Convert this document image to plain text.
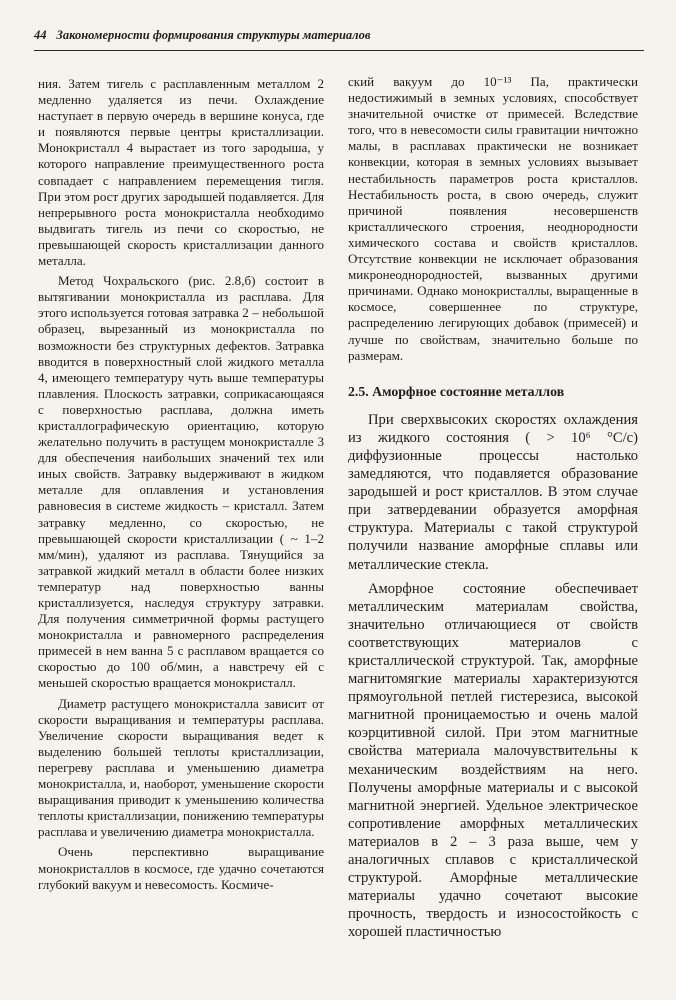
44 Закономерности формирования структуры материалов

ния. Затем тигель с расплавленным металлом 2 медленно удаляется из печи. Охлаждение наступает в первую очередь в вершине конуса, где и появляются первые центры кристаллизации. Монокристалл 4 вырастает из того зародыша, у которого направление преимущественного роста совпадает с направлением перемещения тигля. При этом рост других зародышей подавляется. Для непрерывного роста монокристалла необходимо выдвигать тигель из печи со скоростью, не превышающей скорость кристаллизации данного металла.

Метод Чохральского (рис. 2.8,б) состоит в вытягивании монокристалла из расплава. Для этого используется готовая затравка 2 – небольшой образец, вырезанный из монокристалла по возможности без структурных дефектов. Затравка вводится в поверхностный слой жидкого металла 4, имеющего температуру чуть выше температуры плавления. Плоскость затравки, соприкасающаяся с поверхностью расплава, должна иметь кристаллографическую ориентацию, которую желательно получить в растущем монокристалле 3 для обеспечения наибольших значений тех или иных свойств. Затравку выдерживают в жидком металле для оплавления и установления равновесия в системе жидкость – кристалл. Затем затравку медленно, со скоростью, не превышающей скорости кристаллизации ( ~ 1–2 мм/мин), удаляют из расплава. Тянущийся за затравкой жидкий металл в области более низких температур над поверхностью ванны кристаллизуется, наследуя структуру затравки. Для получения симметричной формы растущего монокристалла и равномерного распределения примесей в нем ванна 5 с расплавом вращается со скоростью до 100 об/мин, а навстречу ей с меньшей скоростью вращается монокристалл.

Диаметр растущего монокристалла зависит от скорости выращивания и температуры расплава. Увеличение скорости выращивания ведет к выделению большей теплоты кристаллизации, перегреву расплава и уменьшению диаметра монокристалла, и, наоборот, уменьшение скорости выращивания приводит к уменьшению количества теплоты кристаллизации, понижению температуры расплава и увеличению диаметра монокристалла.

Очень перспективно выращивание монокристаллов в космосе, где удачно сочетаются глубокий вакуум и невесомость. Космиче-

ский вакуум до 10⁻¹³ Па, практически недостижимый в земных условиях, способствует значительной очистке от примесей. Вследствие того, что в невесомости силы гравитации ничтожно малы, в расплавах практически не возникает конвекции, которая в земных условиях вызывает нестабильность параметров роста кристаллов. Нестабильность роста, в свою очередь, служит причиной появления несовершенств кристаллического строения, неоднородности химического состава и свойств кристаллов. Отсутствие конвекции не исключает образования микронеоднородностей, вызванных другими причинами. Однако монокристаллы, выращенные в космосе, совершеннее по структуре, распределению легирующих добавок (примесей) и лучше по свойствам, значительно больше по размерам.

2.5. Аморфное состояние металлов

При сверхвысоких скоростях охлаждения из жидкого состояния ( > 10⁶ °С/с) диффузионные процессы настолько замедляются, что подавляется образование зародышей и рост кристаллов. В этом случае при затвердевании образуется аморфная структура. Материалы с такой структурой получили название аморфные сплавы или металлические стекла.

Аморфное состояние обеспечивает металлическим материалам свойства, значительно отличающиеся от свойств соответствующих материалов с кристаллической структурой. Так, аморфные магнитомягкие материалы характеризуются прямоугольной петлей гистерезиса, высокой магнитной проницаемостью и очень малой коэрцитивной силой. При этом магнитные свойства материала малочувствительны к механическим воздействиям на него. Получены аморфные материалы и с высокой магнитной энергией. Удельное электрическое сопротивление аморфных металлических материалов в 2 – 3 раза выше, чем у аналогичных сплавов с кристаллической структурой. Аморфные металлические материалы удачно сочетают высокие прочность, твердость и износостойкость с хорошей пластичностью
